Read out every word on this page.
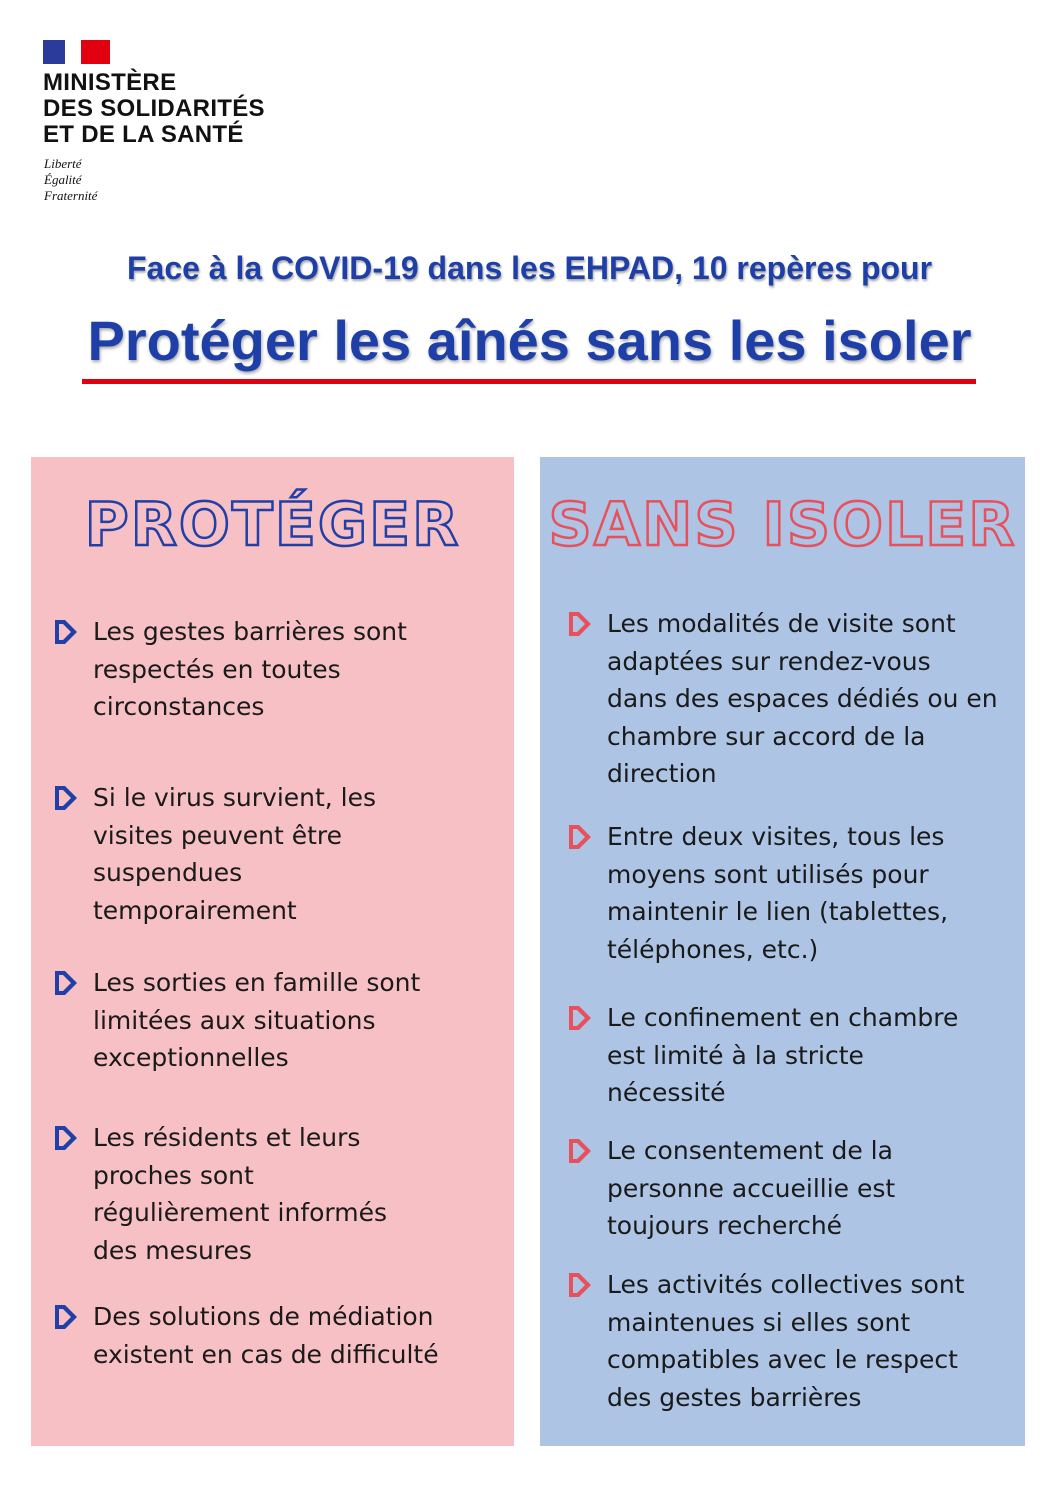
MINISTÈRE
DES SOLIDARITÉS
ET DE LA SANTÉ
Liberté
Égalité
Fraternité
Face à la COVID-19 dans les EHPAD, 10 repères pour
Protéger les aînés sans les isoler
PROTÉGER	SANS ISOLER
Les gestes barrières sont
respectés en toutes
circonstances
Si le virus survient, les
visites peuvent être
suspendues
temporairement
Les sorties en famille sont
limitées aux situations
exceptionnelles
Les résidents et leurs
proches sont
régulièrement informés
des mesures
Des solutions de médiation
existent en cas de difficulté
Les modalités de visite sont
adaptées sur rendez-vous
dans des espaces dédiés ou en
chambre sur accord de la
direction
Entre deux visites, tous les
moyens sont utilisés pour
maintenir le lien (tablettes,
téléphones, etc.)
Le confinement en chambre
est limité à la stricte
nécessité
Le consentement de la
personne accueillie est
toujours recherché
Les activités collectives sont
maintenues si elles sont
compatibles avec le respect
des gestes barrières
